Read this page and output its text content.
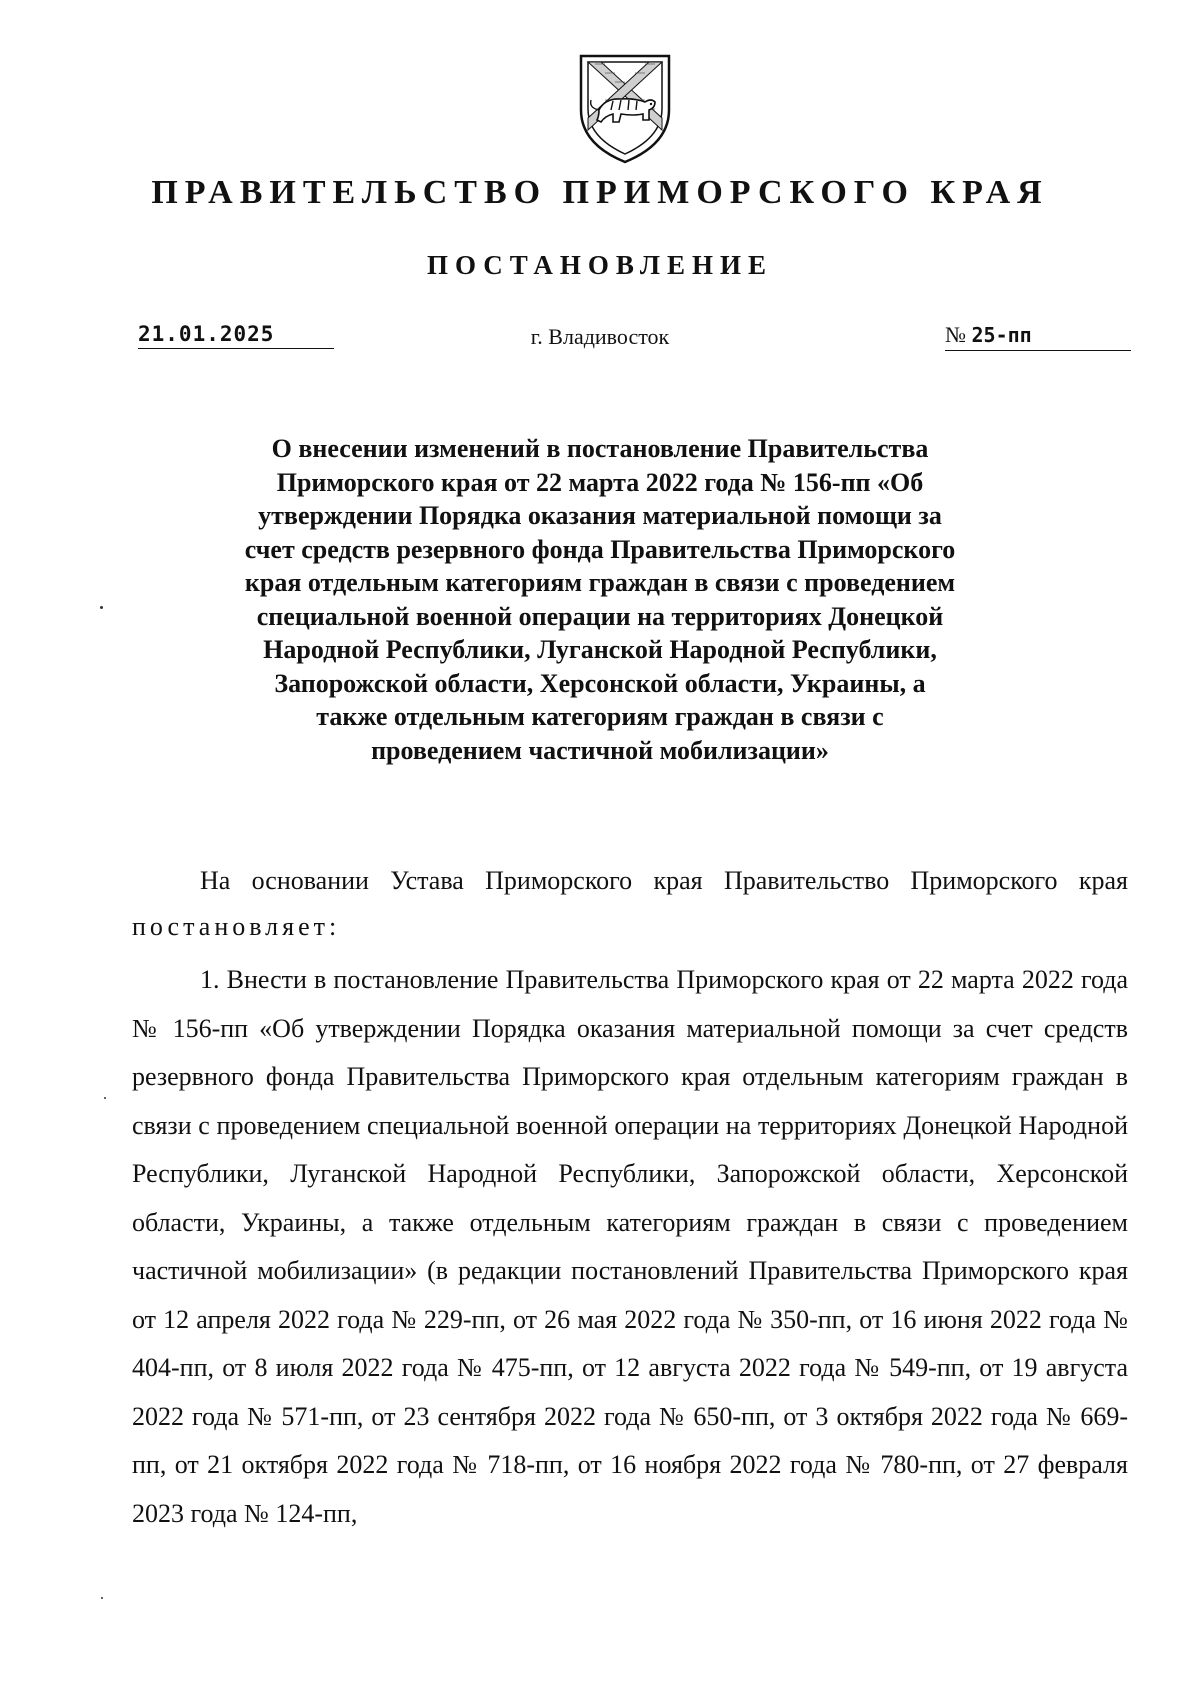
ПРАВИТЕЛЬСТВО ПРИМОРСКОГО КРАЯ
ПОСТАНОВЛЕНИЕ
21.01.2025	г. Владивосток	№ 25-пп
О внесении изменений в постановление Правительства Приморского края от 22 марта 2022 года № 156-пп «Об утверждении Порядка оказания материальной помощи за счет средств резервного фонда Правительства Приморского края отдельным категориям граждан в связи с проведением специальной военной операции на территориях Донецкой Народной Республики, Луганской Народной Республики, Запорожской области, Херсонской области, Украины, а также отдельным категориям граждан в связи с проведением частичной мобилизации»

На основании Устава Приморского края Правительство Приморского края
постановляет:

1. Внести в постановление Правительства Приморского края от 22 марта 2022 года № 156-пп «Об утверждении Порядка оказания материальной помощи за счет средств резервного фонда Правительства Приморского края отдельным категориям граждан в связи с проведением специальной военной операции на территориях Донецкой Народной Республики, Луганской Народной Республики, Запорожской области, Херсонской области, Украины, а также отдельным категориям граждан в связи с проведением частичной мобилизации» (в редакции постановлений Правительства Приморского края от 12 апреля 2022 года № 229-пп, от 26 мая 2022 года № 350-пп, от 16 июня 2022 года № 404-пп, от 8 июля 2022 года № 475-пп, от 12 августа 2022 года № 549-пп, от 19 августа 2022 года № 571-пп, от 23 сентября 2022 года № 650-пп, от 3 октября 2022 года № 669-пп, от 21 октября 2022 года № 718-пп, от 16 ноября 2022 года № 780-пп, от 27 февраля 2023 года № 124-пп,
